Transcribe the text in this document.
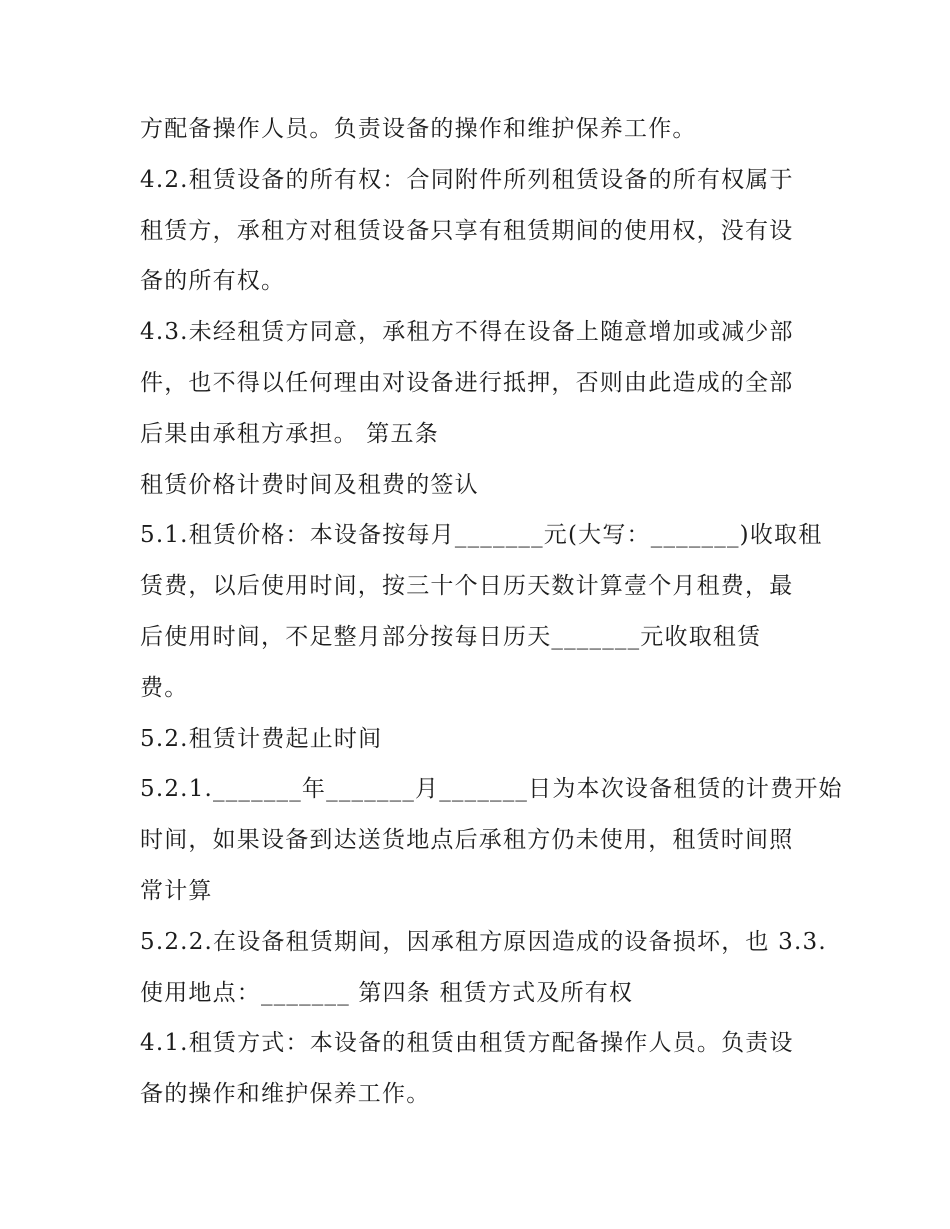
方配备操作人员。负责设备的操作和维护保养工作。
4.2.租赁设备的所有权：合同附件所列租赁设备的所有权属于
租赁方，承租方对租赁设备只享有租赁期间的使用权，没有设
备的所有权。
4.3.未经租赁方同意，承租方不得在设备上随意增加或减少部
件，也不得以任何理由对设备进行抵押，否则由此造成的全部
后果由承租方承担。 第五条
租赁价格计费时间及租费的签认
5.1.租赁价格：本设备按每月_______元(大写：_______)收取租
赁费，以后使用时间，按三十个日历天数计算壹个月租费，最
后使用时间，不足整月部分按每日历天_______元收取租赁
费。
5.2.租赁计费起止时间
5.2.1._______年_______月_______日为本次设备租赁的计费开始
时间，如果设备到达送货地点后承租方仍未使用，租赁时间照
常计算
5.2.2.在设备租赁期间，因承租方原因造成的设备损坏，也 3.3.
使用地点：_______ 第四条 租赁方式及所有权
4.1.租赁方式：本设备的租赁由租赁方配备操作人员。负责设
备的操作和维护保养工作。
